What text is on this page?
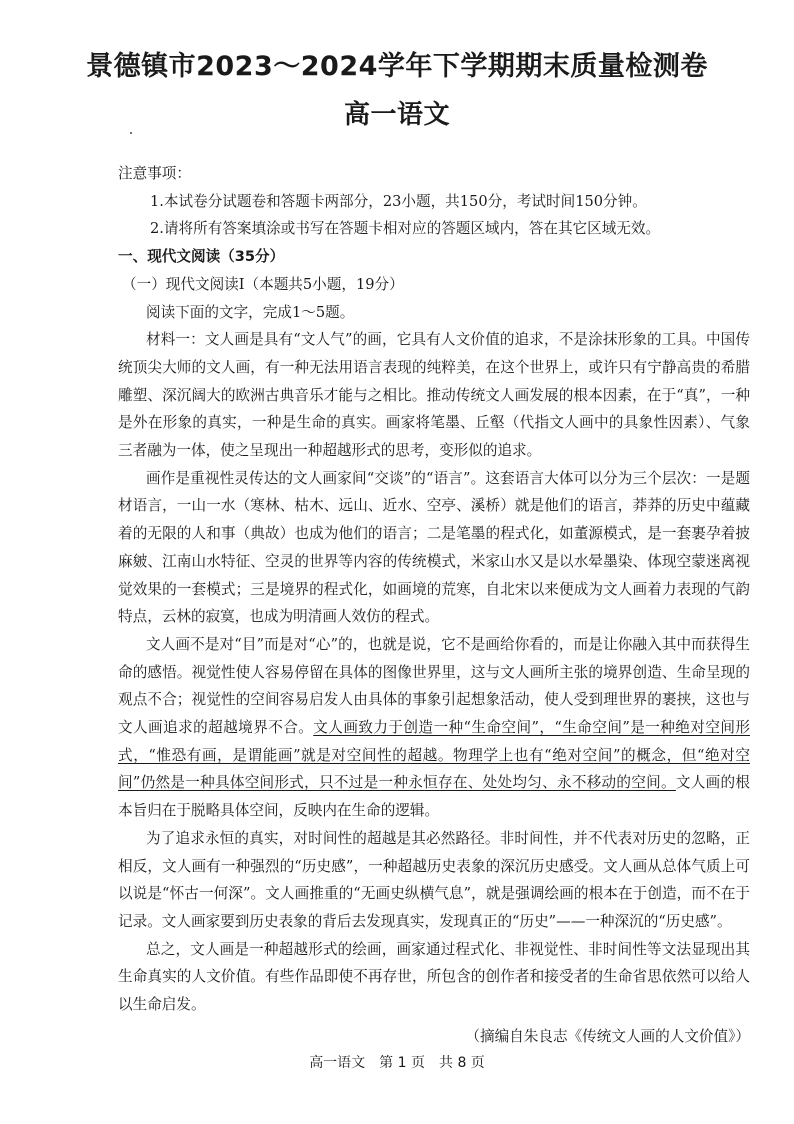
景德镇市2023～2024学年下学期期末质量检测卷
高一语文

注意事项：

1.本试卷分试题卷和答题卡两部分，23小题，共150分，考试时间150分钟。

2.请将所有答案填涂或书写在答题卡相对应的答题区域内，答在其它区域无效。

一、现代文阅读（35分）

（一）现代文阅读Ⅰ（本题共5小题，19分）

阅读下面的文字，完成1～5题。

材料一：文人画是具有“文人气”的画，它具有人文价值的追求，不是涂抹形象的工具。中国传统顶尖大师的文人画，有一种无法用语言表现的纯粹美，在这个世界上，或许只有宁静高贵的希腊雕塑、深沉阔大的欧洲古典音乐才能与之相比。推动传统文人画发展的根本因素，在于“真”，一种是外在形象的真实，一种是生命的真实。画家将笔墨、丘壑（代指文人画中的具象性因素）、气象三者融为一体，使之呈现出一种超越形式的思考，变形似的追求。

画作是重视性灵传达的文人画家间“交谈”的“语言”。这套语言大体可以分为三个层次：一是题材语言，一山一水（寒林、枯木、远山、近水、空亭、溪桥）就是他们的语言，莽莽的历史中蕴藏着的无限的人和事（典故）也成为他们的语言；二是笔墨的程式化，如董源模式，是一套裹孕着披麻皴、江南山水特征、空灵的世界等内容的传统模式，米家山水又是以水晕墨染、体现空蒙迷离视觉效果的一套模式；三是境界的程式化，如画境的荒寒，自北宋以来便成为文人画着力表现的气韵特点，云林的寂寞，也成为明清画人效仿的程式。

文人画不是对“目”而是对“心”的，也就是说，它不是画给你看的，而是让你融入其中而获得生命的感悟。视觉性使人容易停留在具体的图像世界里，这与文人画所主张的境界创造、生命呈现的观点不合；视觉性的空间容易启发人由具体的事象引起想象活动，使人受到理世界的裹挟，这也与文人画追求的超越境界不合。文人画致力于创造一种“生命空间”，“生命空间”是一种绝对空间形式，“惟恐有画，是谓能画”就是对空间性的超越。物理学上也有“绝对空间”的概念，但“绝对空间”仍然是一种具体空间形式，只不过是一种永恒存在、处处均匀、永不移动的空间。文人画的根本旨归在于脱略具体空间，反映内在生命的逻辑。

为了追求永恒的真实，对时间性的超越是其必然路径。非时间性，并不代表对历史的忽略，正相反，文人画有一种强烈的“历史感”，一种超越历史表象的深沉历史感受。文人画从总体气质上可以说是“怀古一何深”。文人画推重的“无画史纵横气息”，就是强调绘画的根本在于创造，而不在于记录。文人画家要到历史表象的背后去发现真实，发现真正的“历史”——一种深沉的“历史感”。

总之，文人画是一种超越形式的绘画，画家通过程式化、非视觉性、非时间性等文法显现出其生命真实的人文价值。有些作品即使不再存世，所包含的创作者和接受者的生命省思依然可以给人以生命启发。

（摘编自朱良志《传统文人画的人文价值》）

高一语文　第 1 页　共 8 页
